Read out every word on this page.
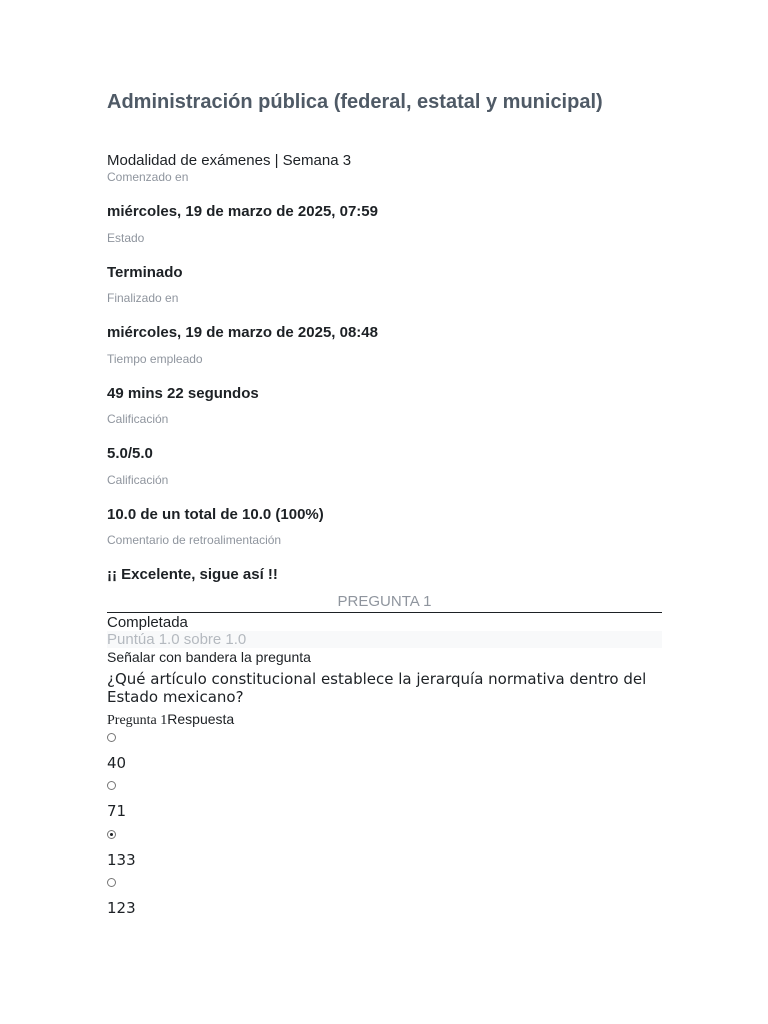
Administración pública (federal, estatal y municipal)
Modalidad de exámenes | Semana 3
Comenzado en
miércoles, 19 de marzo de 2025, 07:59
Estado
Terminado
Finalizado en
miércoles, 19 de marzo de 2025, 08:48
Tiempo empleado
49 mins 22 segundos
Calificación
5.0/5.0
Calificación
10.0 de un total de 10.0 (100%)
Comentario de retroalimentación
¡¡ Excelente, sigue así !!
PREGUNTA 1
Completada
Puntúa 1.0 sobre 1.0
Señalar con bandera la pregunta

¿Qué artículo constitucional establece la jerarquía normativa dentro del Estado mexicano?

Pregunta 1Respuesta
40
71
133
123
